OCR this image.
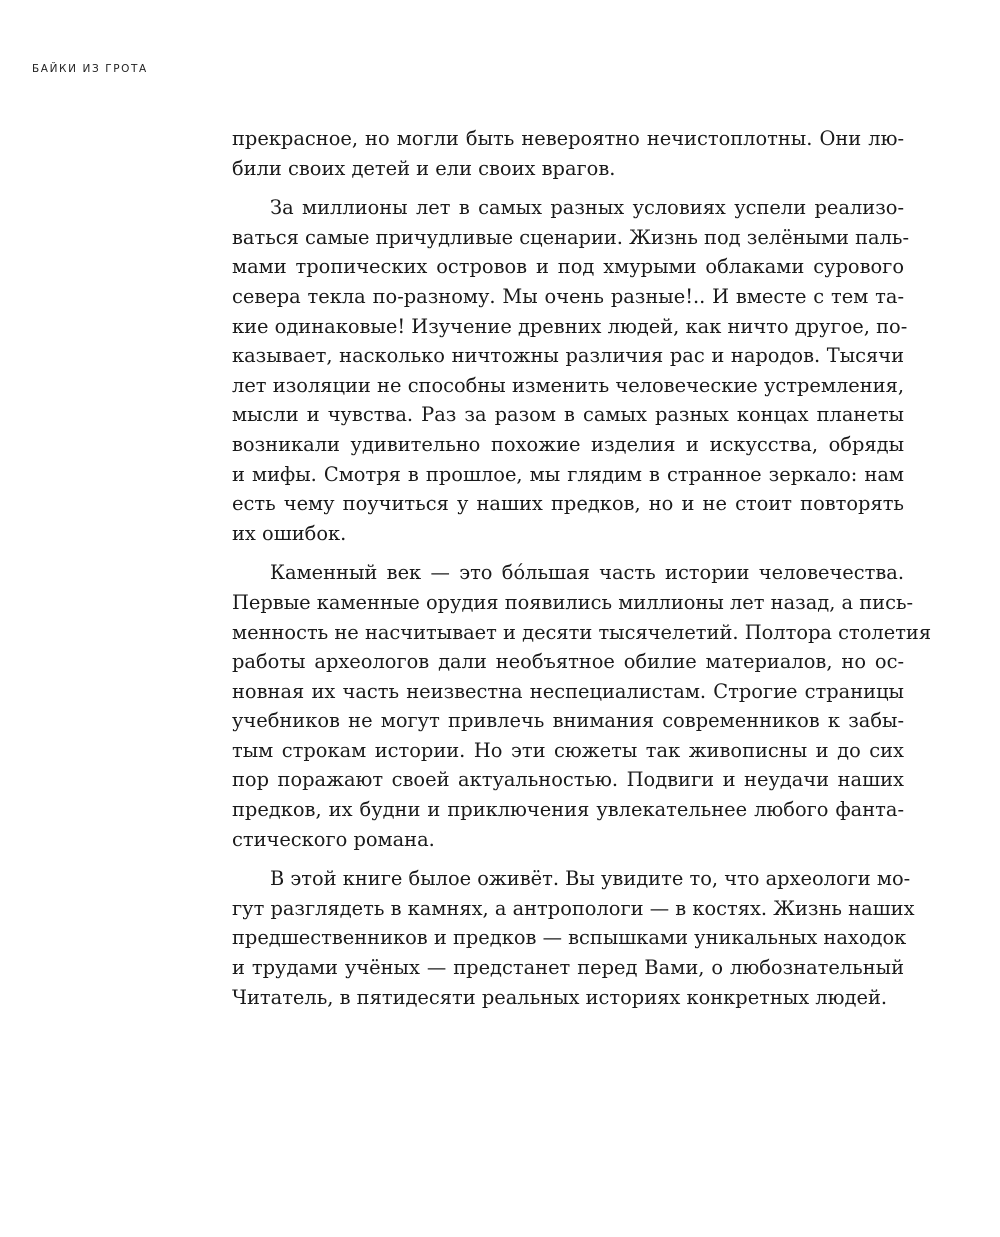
БАЙКИ ИЗ ГРОТА
прекрасное, но могли быть невероятно нечистоплотны. Они лю-
били своих детей и ели своих врагов.
За миллионы лет в самых разных условиях успели реализо-
ваться самые причудливые сценарии. Жизнь под зелёными паль-
мами тропических островов и под хмурыми облаками сурового
севера текла по-разному. Мы очень разные!.. И вместе с тем та-
кие одинаковые! Изучение древних людей, как ничто другое, по-
казывает, насколько ничтожны различия рас и народов. Тысячи
лет изоляции не способны изменить человеческие устремления,
мысли и чувства. Раз за разом в самых разных концах планеты
возникали удивительно похожие изделия и искусства, обряды
и мифы. Смотря в прошлое, мы глядим в странное зеркало: нам
есть чему поучиться у наших предков, но и не стоит повторять
их ошибок.
Каменный век — это бóльшая часть истории человечества.
Первые каменные орудия появились миллионы лет назад, а пись-
менность не насчитывает и десяти тысячелетий. Полтора столетия
работы археологов дали необъятное обилие материалов, но ос-
новная их часть неизвестна неспециалистам. Строгие страницы
учебников не могут привлечь внимания современников к забы-
тым строкам истории. Но эти сюжеты так живописны и до сих
пор поражают своей актуальностью. Подвиги и неудачи наших
предков, их будни и приключения увлекательнее любого фанта-
стического романа.
В этой книге былое оживёт. Вы увидите то, что археологи мо-
гут разглядеть в камнях, а антропологи — в костях. Жизнь наших
предшественников и предков — вспышками уникальных находок
и трудами учёных — предстанет перед Вами, о любознательный
Читатель, в пятидесяти реальных историях конкретных людей.
